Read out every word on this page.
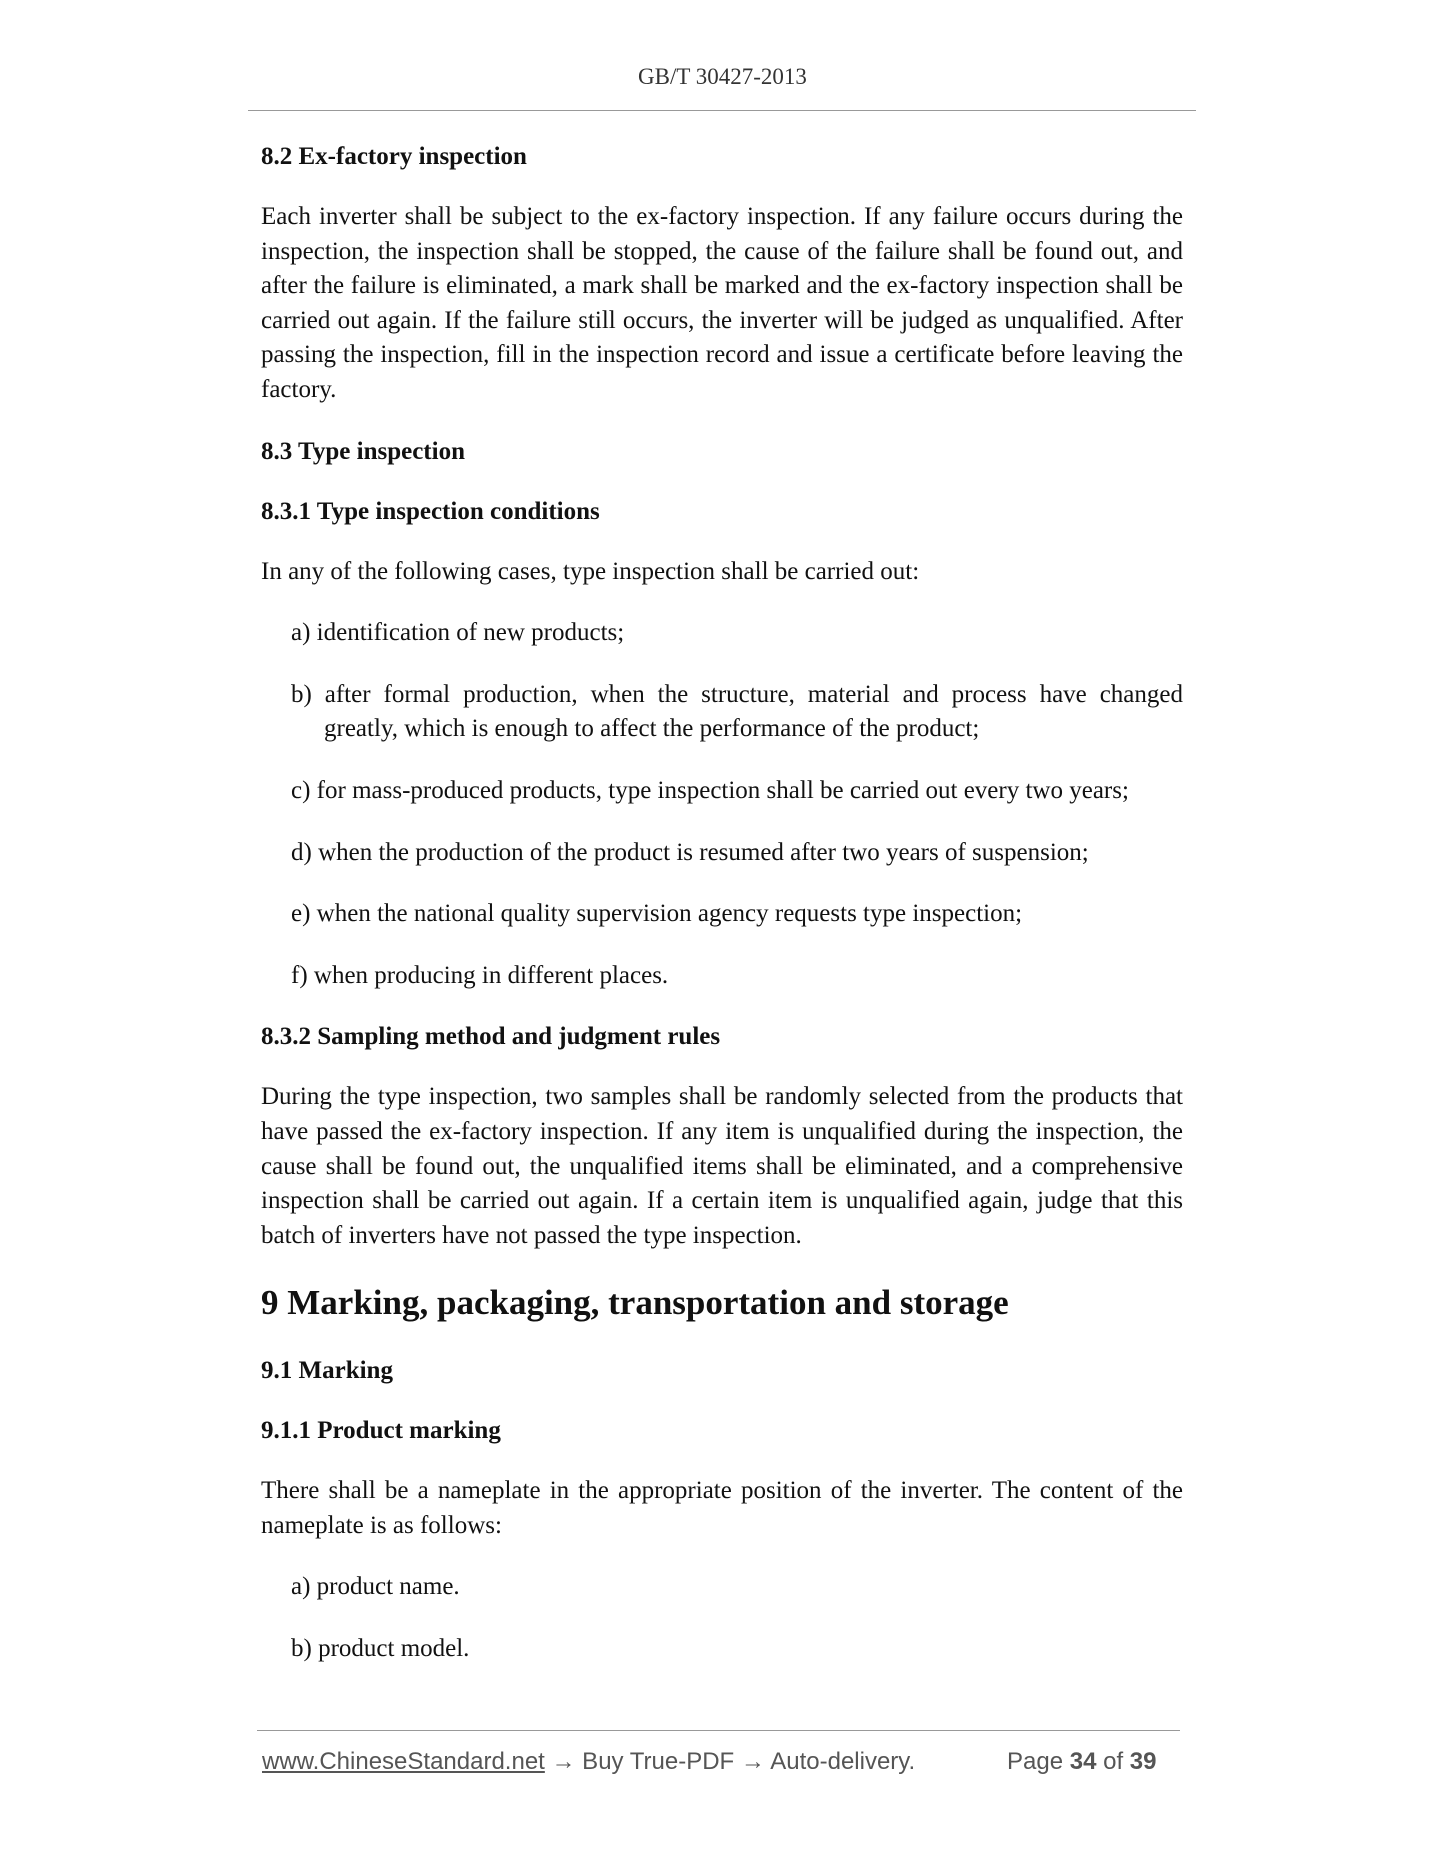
GB/T 30427-2013
8.2 Ex-factory inspection
Each inverter shall be subject to the ex-factory inspection. If any failure occurs during the inspection, the inspection shall be stopped, the cause of the failure shall be found out, and after the failure is eliminated, a mark shall be marked and the ex-factory inspection shall be carried out again. If the failure still occurs, the inverter will be judged as unqualified. After passing the inspection, fill in the inspection record and issue a certificate before leaving the factory.
8.3 Type inspection
8.3.1 Type inspection conditions
In any of the following cases, type inspection shall be carried out:
a) identification of new products;
b) after formal production, when the structure, material and process have changed greatly, which is enough to affect the performance of the product;
c) for mass-produced products, type inspection shall be carried out every two years;
d) when the production of the product is resumed after two years of suspension;
e) when the national quality supervision agency requests type inspection;
f) when producing in different places.
8.3.2 Sampling method and judgment rules
During the type inspection, two samples shall be randomly selected from the products that have passed the ex-factory inspection. If any item is unqualified during the inspection, the cause shall be found out, the unqualified items shall be eliminated, and a comprehensive inspection shall be carried out again. If a certain item is unqualified again, judge that this batch of inverters have not passed the type inspection.
9 Marking, packaging, transportation and storage
9.1 Marking
9.1.1 Product marking
There shall be a nameplate in the appropriate position of the inverter. The content of the nameplate is as follows:
a) product name.
b) product model.
www.ChineseStandard.net → Buy True-PDF → Auto-delivery.	Page 34 of 39
